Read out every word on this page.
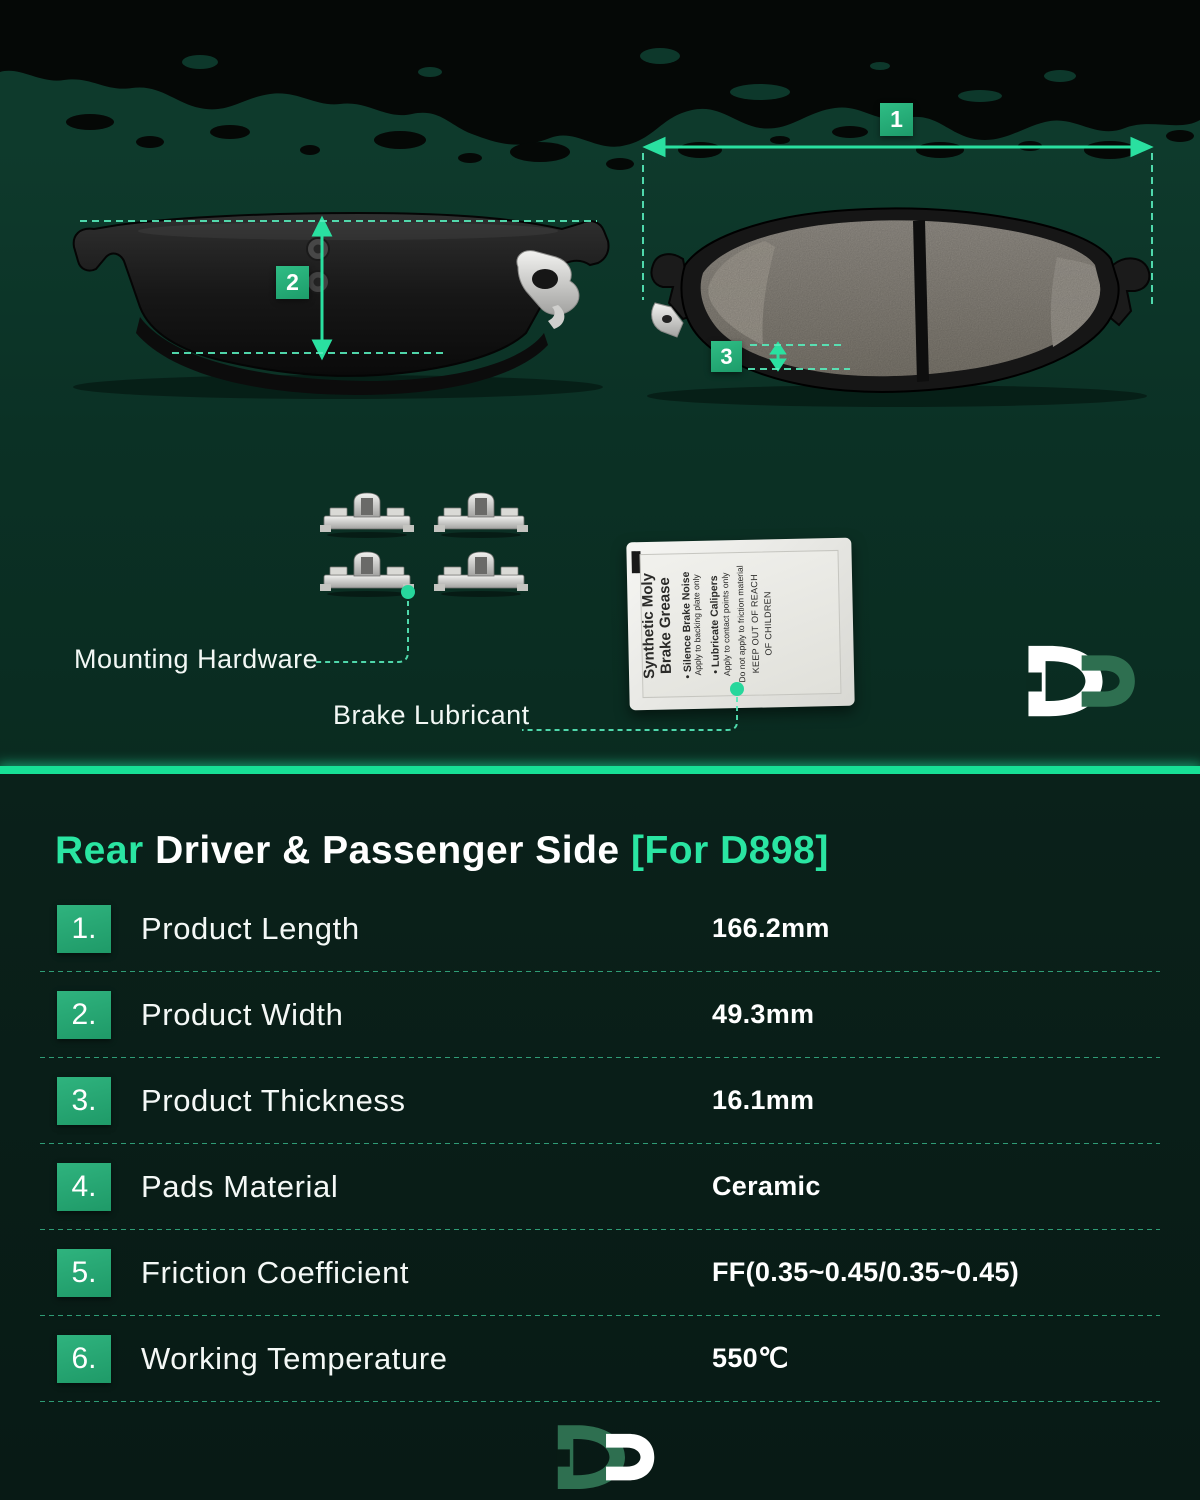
Synthetic Moly
Brake Grease • Silence Brake Noise
Apply to backing plate only • Lubricate Calipers
Apply to contact points only Do not apply to friction material KEEP OUT OF REACH OF CHILDREN
1
2
3
Mounting Hardware
Brake Lubricant
Rear Driver & Passenger Side [For D898]
1.	Product Length	166.2mm
2.	Product Width	49.3mm
3.	Product Thickness	16.1mm
4.	Pads Material	Ceramic
5.	Friction Coefficient	FF(0.35~0.45/0.35~0.45)
6.	Working Temperature	550℃
